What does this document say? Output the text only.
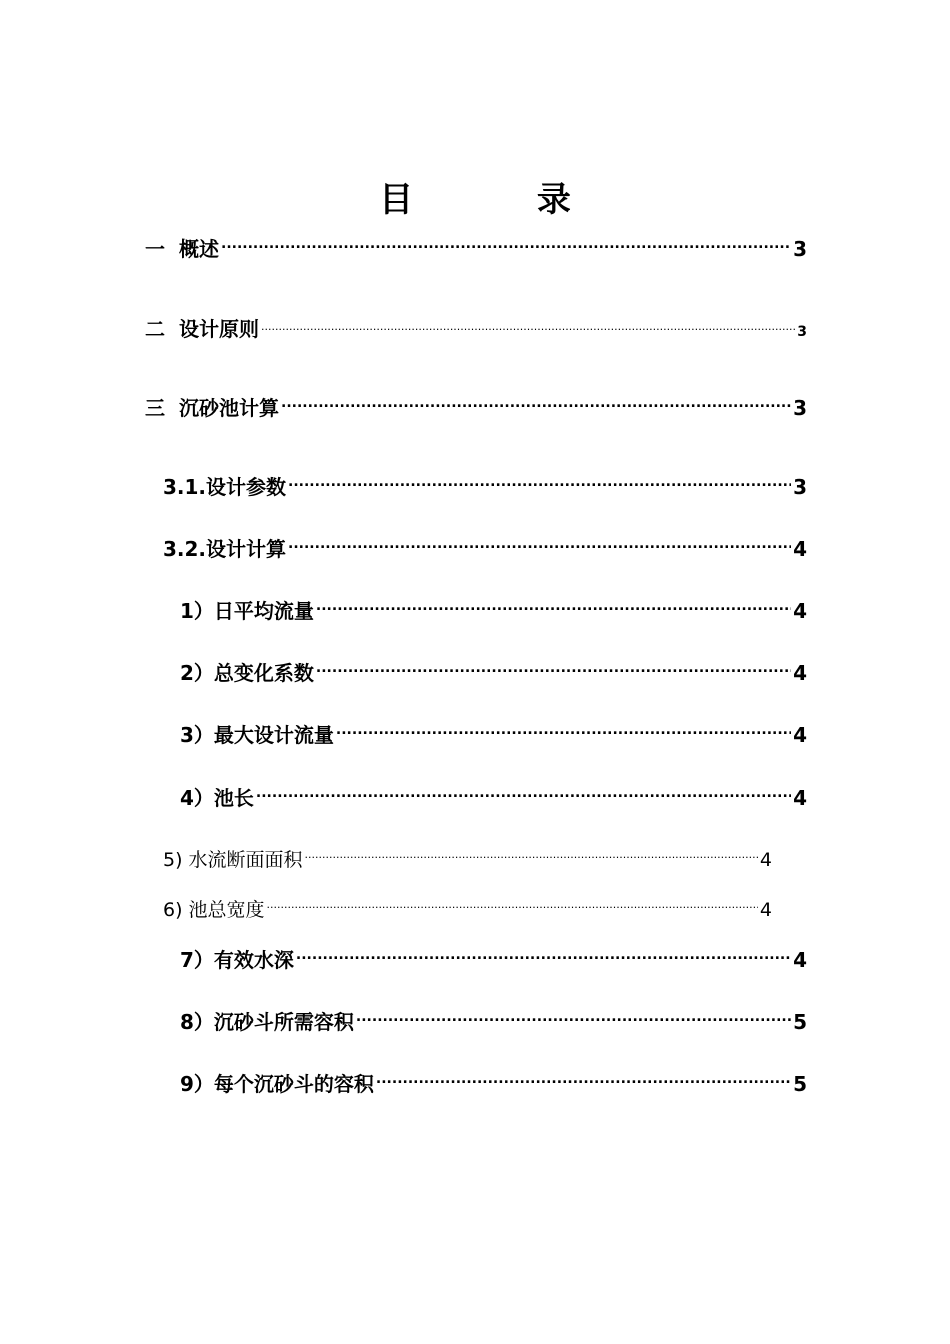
目 录
一 概述 .....	3
二 设计原则 .....	3
三 沉砂池计算 .....	3
3.1.设计参数 .....	3
3.2.设计计算 .....	4
1）日平均流量 .....	4
2）总变化系数 .....	4
3）最大设计流量 .....	4
4）池长 .....	4
5) 水流断面面积 .....	4
6) 池总宽度 .....	4
7）有效水深 .....	4
8）沉砂斗所需容积 .....	5
9）每个沉砂斗的容积 .....	5
